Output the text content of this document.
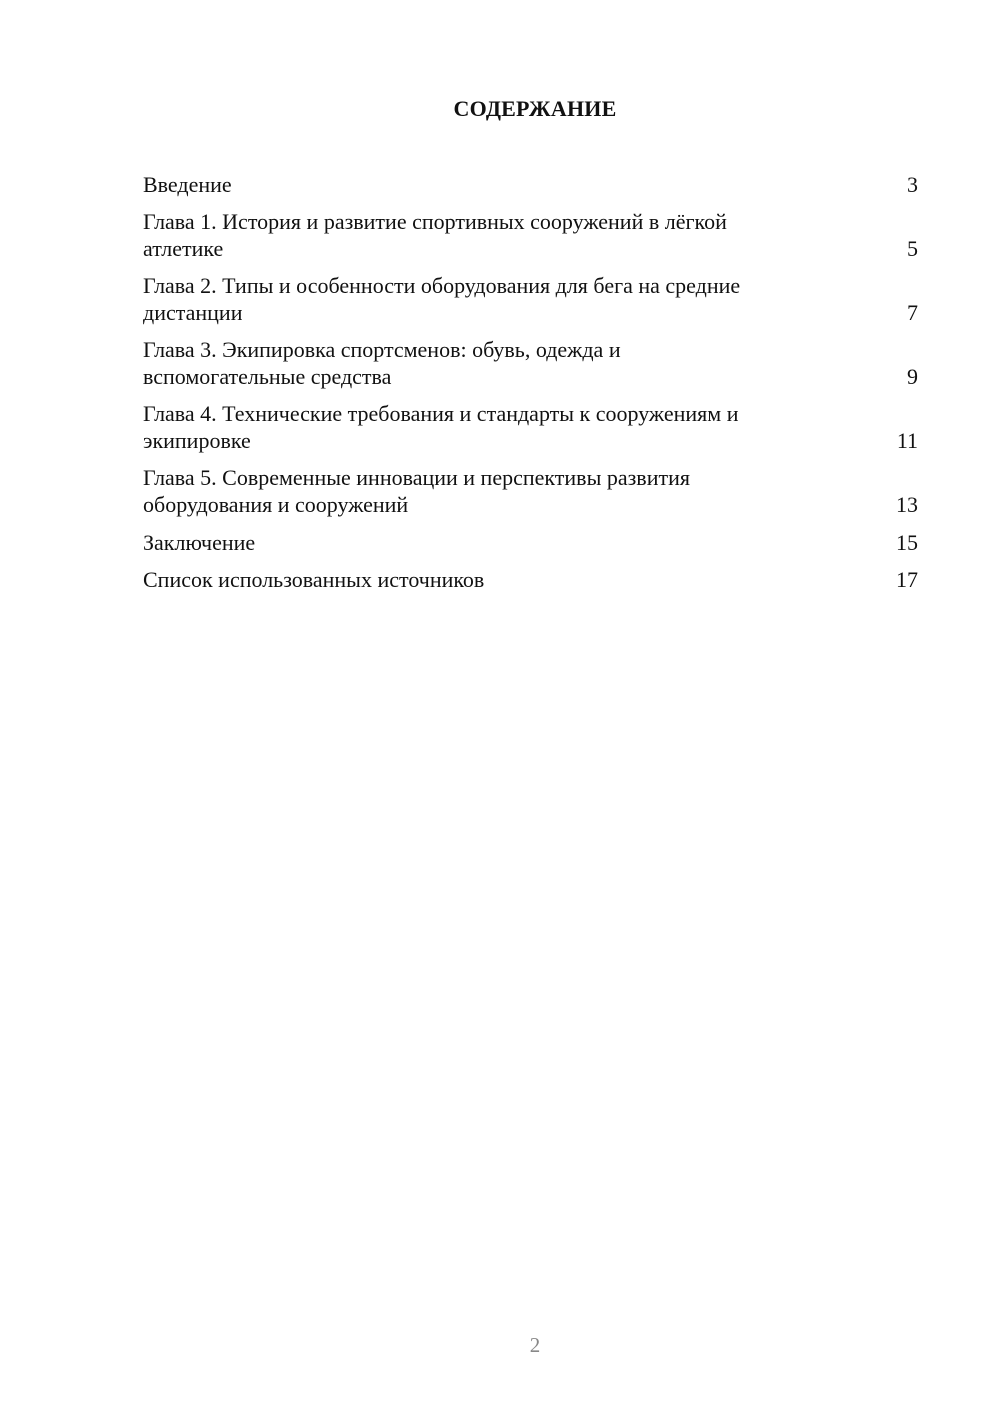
СОДЕРЖАНИЕ
Введение	3
Глава 1. История и развитие спортивных сооружений в лёгкой
атлетике	5
Глава 2. Типы и особенности оборудования для бега на средние
дистанции	7
Глава 3. Экипировка спортсменов: обувь, одежда и
вспомогательные средства	9
Глава 4. Технические требования и стандарты к сооружениям и
экипировке	11
Глава 5. Современные инновации и перспективы развития
оборудования и сооружений	13
Заключение	15
Список использованных источников	17
2
